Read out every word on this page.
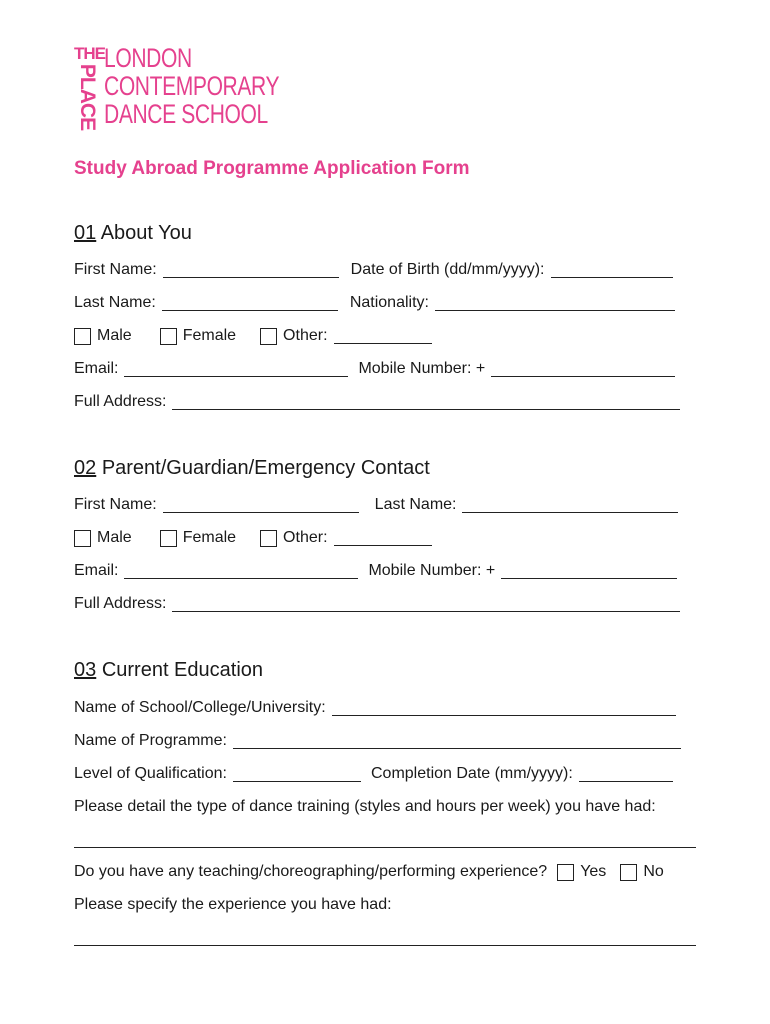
THE
PLACE
LONDON
CONTEMPORARY
DANCE SCHOOL
Study Abroad Programme Application Form
01 About You
First Name:	Date of Birth (dd/mm/yyyy):
Last Name:	Nationality:
Male	Female	Other:
Email:	Mobile Number: +
Full Address:
02 Parent/Guardian/Emergency Contact
First Name:	Last Name:
Male	Female	Other:
Email:	Mobile Number: +
Full Address:
03 Current Education
Name of School/College/University:
Name of Programme:
Level of Qualification:	Completion Date (mm/yyyy):
Please detail the type of dance training (styles and hours per week) you have had:
Do you have any teaching/choreographing/performing experience? Yes No
Please specify the experience you have had:
